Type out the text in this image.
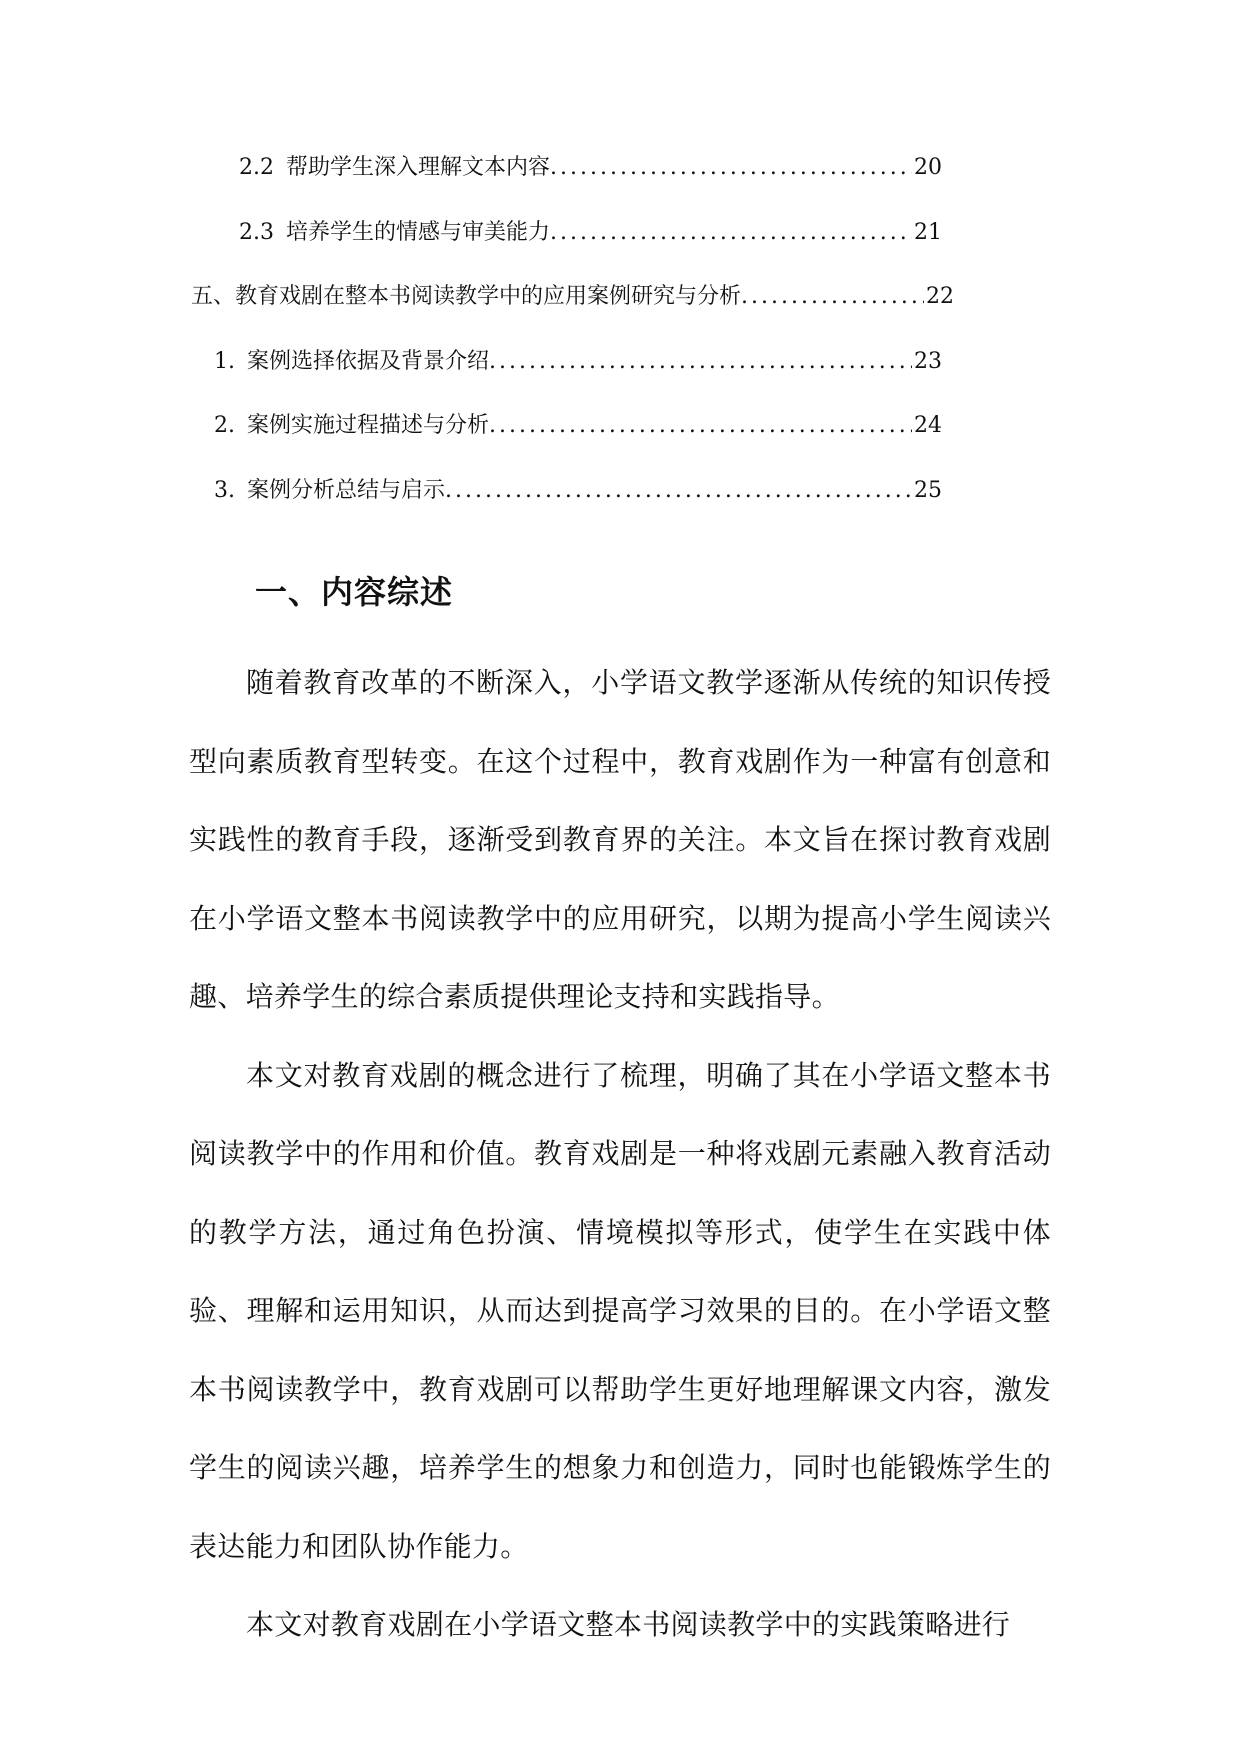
2.2 帮助学生深入理解文本内容 .....	20
2.3 培养学生的情感与审美能力 .....	21
五、教育戏剧在整本书阅读教学中的应用案例研究与分析 .....	22
1. 案例选择依据及背景介绍 .....	23
2. 案例实施过程描述与分析 .....	24
3. 案例分析总结与启示 .....	25
一、内容综述

随着教育改革的不断深入，小学语文教学逐渐从传统的知识传授型向素质教育型转变。在这个过程中，教育戏剧作为一种富有创意和实践性的教育手段，逐渐受到教育界的关注。本文旨在探讨教育戏剧在小学语文整本书阅读教学中的应用研究，以期为提高小学生阅读兴趣、培养学生的综合素质提供理论支持和实践指导。

本文对教育戏剧的概念进行了梳理，明确了其在小学语文整本书阅读教学中的作用和价值。教育戏剧是一种将戏剧元素融入教育活动的教学方法，通过角色扮演、情境模拟等形式，使学生在实践中体验、理解和运用知识，从而达到提高学习效果的目的。在小学语文整本书阅读教学中，教育戏剧可以帮助学生更好地理解课文内容，激发学生的阅读兴趣，培养学生的想象力和创造力，同时也能锻炼学生的表达能力和团队协作能力。

本文对教育戏剧在小学语文整本书阅读教学中的实践策略进行
